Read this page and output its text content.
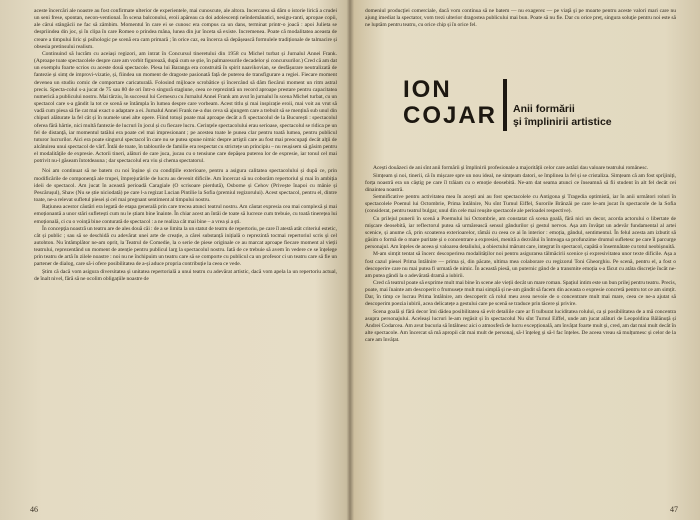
aceste încercări ale noastre au fost confirmate ulterior de experientele, mai cunoscute, ale altora. Incercarea să dăm o istorie lirică a crudei un seni frese, spontan, necon-ventional. În scena balconului, eroii apăreau ca doi adolescenți neîndemânatici, nesigu-ranti, apropae copii, ale cărui stângăcii ne fac să zâmbim. Momentul în care ei se cunosc era compus ca un dans, terminat printr-o joacă : apoi Julieta se despriindea din joc, și în clipa în care Romeo o prindea mâna, lunea din jur înceta să existe. Incremenea. Poate că modalitatea aceasta de creare a timpului liric și psihologic pe scenă era cam primară ; în orice caz, ea încerca să depășească formulele tradiționale de talmacire și obsesia pretinsului realism.

Continuind să lucrăm cu aceiași regizori, am intrat în Concursul tineretului din 1958 cu Michel turbat și Jurnalul Annei Frank. (Aproape toate spectacolele despre care am vorbit figurează, după cum se știe, în palmaresurile decadelor și concursurilor.) Cred că am dat un exemplu foarte scrios cu aceste două spectacole. Piesa lui Baranga era construită în spirit naavikovian, se desfășurare neutralizată de fantezie și simț de improvi-vizatie, și, fiindea un moment de dragoste pasionată față de puterea de transfigurare a regiei. Fiecare moment devenea un studiu comic de comportare caricaturală. Folosind mijloace scrobătice și încercând să dăm fiecărui moment un ritm astral precis. Specta-colul s-a jucat de 75 sau 80 de ori într-o singură stagiune, ceea ce reprezintă un record aproape prestare pentru capacitatea numerică a publicului nostru. Mai târziu, în succesul lui Cernescu cu Jurnalul Annei Frank am avut în jurnalul în scena Michel turbat, cu un spectacol care s-a gândit la tot ce scenă se întâmpla în lumea despre care vorbeam. Acest titlu și mai inspirație eroii, mai voit au vrut să vadă cum piesa să fie cat mai exact o adaptare a ei. Jurnalul Annei Frank ne-a dus ceva să ajungem care a trebuit să se mențină sub unul din chipuri alăturate la fel cât și în numele unei alte opere. Fiind totuși poate mai aproape decât a fi spectacolul de la București : spectacolul oferea fără hârtie, nici multă fantezie de lucruri în jocul și cu fiecare lucru. Cerinţele spectacolului erau serioase, spectacolul se ridica pe un fel de distanţă, iar momentul tatălui era poate cel mai impresionant ; pe acestea toate le punea clar pentru toată lumea, pentru publicul tuturor lucrurilor. Aici era poate singurul spectacol în care nu se putea spune nimic despre artiştii care au fost mai preocupaţi decât alţii de alcătuirea unui spectacol de vârf. Întâi de toate, în tablourile de familie era respectat cu strictețe un principiu – nu reușisem să găsim pentru el modalităţile de expresie. Actorii tineri, alături de care juca, jucau cu o tensiune care depășea puterea lor de expresie, iar tonul cel mai potrivit nu-l găseam întotdeauna ; dar spectacolul era viu și chema spectatorul.

Noi am continuat să ne batem cu noi înșine și cu condițiile exterioare, pentru a asigura calitatea spectacolului și după ce, prin modificările de componență ale trupei, împrejurările de lucru au devenit dificile. Am încercat să nu coborâm repertoriul și mai în ambiția ideii de spectacol. Am jucat în această perioadă Caragiale (O scrisoare pierdută), Osborne și Cehov (Privește înapoi cu mânie și Pescărușul), Shaw (Nu se știe niciodată) pe care l-a regizat Lucian Pintilie la Sofia (premiul regizorului). Acest spectacol, pentru el, dintre toate, ne-a relevat sufletul piesei și cel mai pregnant sentiment al timpului nostru.

Rațiunea acestor căutări era legată de etapa generală prin care trecea atunci teatrul nostru. Am căutat expresia cea mai complexă și mai emoționantă a unor stări sufletești cum nu le știam bine înainte. În chiar acest an întâi de toate să lucreze cum trebuie, cu toată tinerețea lui emoțională, ci cu o voință bine conturată de spectacol : a ne realiza cât mai bine – a vrea și a ști.

În concepţia noastră un teatru are de ales două căi : de a se limita la un statut de teatru de repertoriu, pe care îl atestă atât criteriul estetic, cât și public ; sau să se deschidă cu adevărat unei arte de creație, a cărei substanță inițială o reprezintă tocmai repertoriul scris și cel autohton. Nu întâmplător ne-am oprit, la Teatrul de Comedie, la o serie de piese originale ce au marcat aproape fiecare moment al vieții teatrului, reprezentând un moment de atenție pentru publicul larg la spectacolul nostru. Iată de ce trebuie să avem în vedere ce se înțelege prin teatru de artă în zilele noastre : noi nu ne închipuim un teatru care să se comporte cu publicul ca un profesor ci un teatru care să fie un partener de dialog, care să-i ofere posibilitatea de a-și aduce propria contribuție la ceea ce vede.

Știm că dacă vom asigura diversitatea și unitatea repertorială a unui teatru cu adevărat artistic, dacă vom apela la un repertoriu actual, de înalt nivel, fără să ne ocolim obligațiile noastre de

46

domeniul producţiei comerciale, dacă vom continua să ne batem — nu exagerez — pe viaţă şi pe moarte pentru aceste valori mari care nu ajung imediat la spectator, vom trezi ulterior dragostea publicului mai bun. Poate să nu fie. Dar cu orice preț, singura soluţie pentru noi este să ne luptăm pentru teatru, cu orice chip și în orice fel.

ION
COJAR Anii formării
şi împlinirii artistice

Acești douăzeci de ani sînt anii formării şi împlinirii profesionale a majorității celor care astăzi dau valoare teatrului românesc.

Simțeam și noi, tinerii, că în mișcare spre un nou ideal, ne simțeam datori, se împlinea la fel și se cristaliza. Simțeam că am fost sprijiniți, forța noastră era un câștig pe care îl trăiam cu o emoție deosebită. Ne-am dat seama atunci ce înseamnă să fii student în alt fel decât cei dinaintea noastră.

Semnificative pentru activitatea mea în acești ani au fost spectacolele cu Antigona şi Tragedia optimistă, iar în anii următori roluri în spectacolele Poemul lui Octombrie, Prima întâlnire, Nu sînt Turnul Eiffel, Surorile Brânzăi pe care le-am jucat în spectacole de la Sofia (considerat, pentru teatrul bulgar, unul din cele mai reușite spectacole ale perioadei respective).

Cu prilejul punerii în scenă a Poemului lui Octombrie, am constatat că scena goală, fără nici un decor, acorda actorului o libertate de mișcare deosebită, iar reflectorul putea să urmărească sensul gândurilor și gestul nervos. Așa am învățat un adevăr fundamental al artei scenice, și anume că, prin scoaterea exterioarelor, rămâi cu ceea ce ai în interior : emoția, gândul, sentimentul. În felul acesta am izbutit să găsim o formă de o mare puritate și o concentrare a expresiei, menită a dezvălui în întreaga sa profunzime drumul sufletesc pe care îl parcurge personajul. Am înțeles de aceea și valoarea detaliului, a obiectului mărunt care, integrat în spectacol, capătă o însemnătate cu totul neobișnuită.

M-am simțit tentat să încerc descoperirea modalităților noi pentru asigurarea tălmăcirii scenice și expresivitatea unor texte dificile. Așa a fost cazul piesei Prima întâlnire — prima și, din păcate, ultima mea colaborare cu regizorul Toni Gheorghiu. Pe scenă, pentru el, a fost o descoperire care nu mai putea fi urmată de nimic. În această piesă, un puternic gând de a transmite emoția s-a făcut cu atâta discreție încât ne-am putea gândi la o adevărată dramă a iubirii.

Cred că teatrul poate să exprime mult mai bine în scene ale vieții decât un mare roman. Spațiul intim este un bun prilej pentru teatru. Precis, poate, mai înainte am descoperit o frumusețe mult mai simplă și ne-am gândit să facem din aceasta o expresie concretă pentru tot ce am simțit. Dar, în timp ce lucrau Prima întâlnire, am descoperit că rolul meu avea nevoie de o concentrare mult mai mare, ceea ce ne-a ajutat să descoperim poezia iubirii, acea delicatețe a gestului care pe scenă se traduce prin tăcere și privire.

Scena goală și fără decor îmi dădea posibilitatea să evit detaliile care ar fi tulburat luciditatea rolului, ca și posibilitatea de a mă concentra asupra personajului. Aceleași lucruri le-am regăsit și în spectacolul Nu sînt Turnul Eiffel, unde am jucat alături de Leopoldina Bălănuță și Andrei Codarcea. Am avut bucuria să întâlnesc aici o atmosferă de lucru excepțională, am învățat foarte mult și, cred, am dat mai mult decât în alte spectacole. Am încercat să mă apropii cât mai mult de personaj, să-l înțeleg și să-l fac înțeles. De aceea vreau să mulțumesc și celor de la care am învățat.

47
